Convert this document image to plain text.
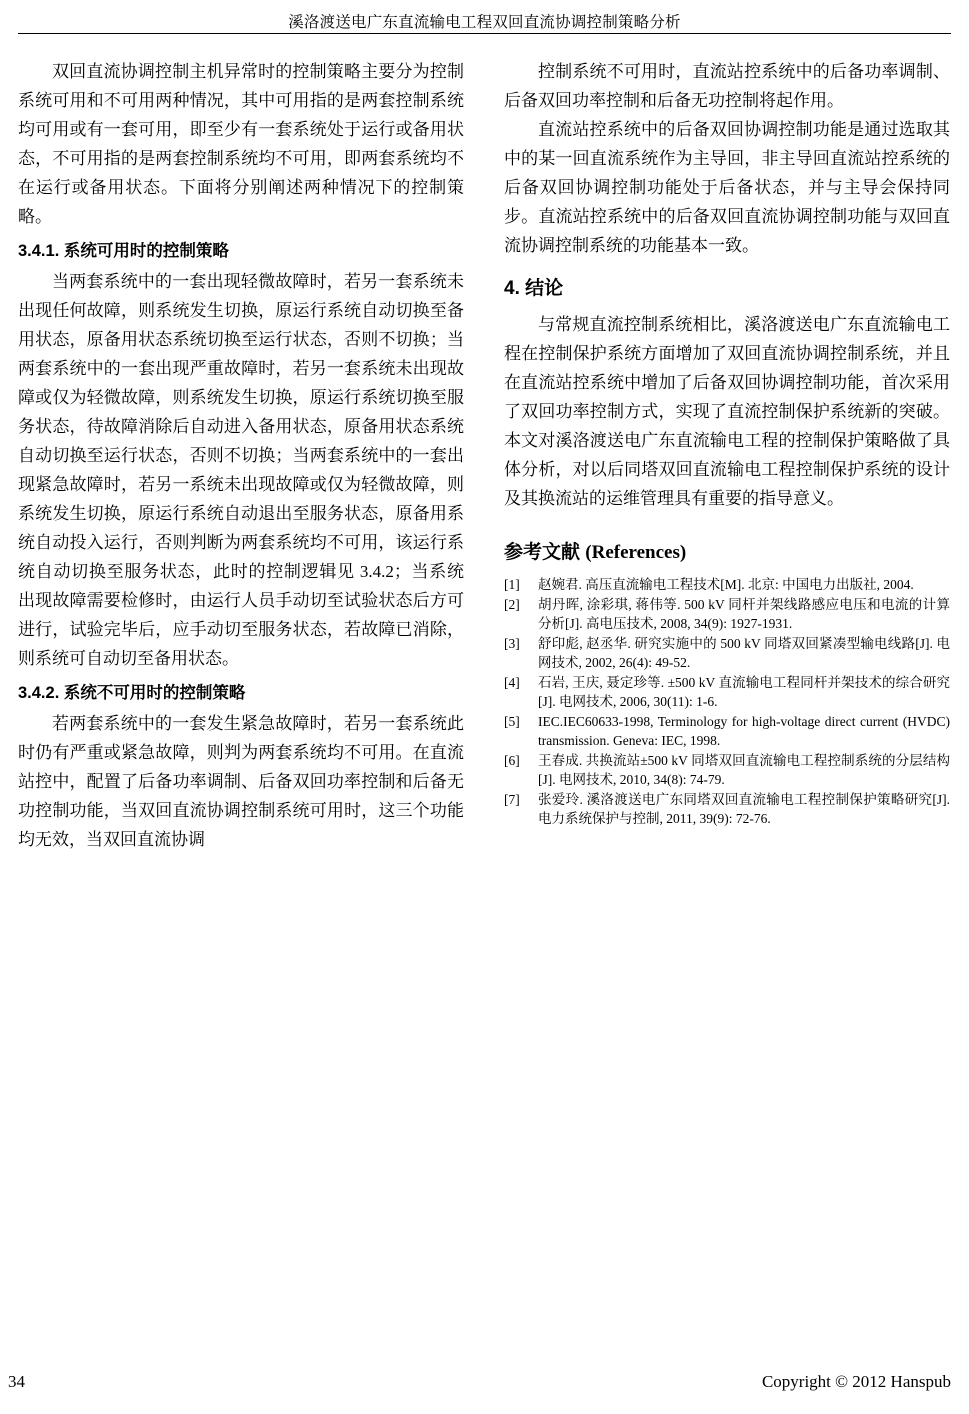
溪洛渡送电广东直流输电工程双回直流协调控制策略分析

双回直流协调控制主机异常时的控制策略主要分为控制系统可用和不可用两种情况，其中可用指的是两套控制系统均可用或有一套可用，即至少有一套系统处于运行或备用状态，不可用指的是两套控制系统均不可用，即两套系统均不在运行或备用状态。下面将分别阐述两种情况下的控制策略。

3.4.1. 系统可用时的控制策略

当两套系统中的一套出现轻微故障时，若另一套系统未出现任何故障，则系统发生切换，原运行系统自动切换至备用状态，原备用状态系统切换至运行状态，否则不切换；当两套系统中的一套出现严重故障时，若另一套系统未出现故障或仅为轻微故障，则系统发生切换，原运行系统切换至服务状态，待故障消除后自动进入备用状态，原备用状态系统自动切换至运行状态，否则不切换；当两套系统中的一套出现紧急故障时，若另一系统未出现故障或仅为轻微故障，则系统发生切换，原运行系统自动退出至服务状态，原备用系统自动投入运行，否则判断为两套系统均不可用，该运行系统自动切换至服务状态，此时的控制逻辑见 3.4.2；当系统出现故障需要检修时，由运行人员手动切至试验状态后方可进行，试验完毕后，应手动切至服务状态，若故障已消除，则系统可自动切至备用状态。

3.4.2. 系统不可用时的控制策略

若两套系统中的一套发生紧急故障时，若另一套系统此时仍有严重或紧急故障，则判为两套系统均不可用。在直流站控中，配置了后备功率调制、后备双回功率控制和后备无功控制功能，当双回直流协调控制系统可用时，这三个功能均无效，当双回直流协调

控制系统不可用时，直流站控系统中的后备功率调制、后备双回功率控制和后备无功控制将起作用。

直流站控系统中的后备双回协调控制功能是通过选取其中的某一回直流系统作为主导回，非主导回直流站控系统的后备双回协调控制功能处于后备状态，并与主导会保持同步。直流站控系统中的后备双回直流协调控制功能与双回直流协调控制系统的功能基本一致。

4. 结论

与常规直流控制系统相比，溪洛渡送电广东直流输电工程在控制保护系统方面增加了双回直流协调控制系统，并且在直流站控系统中增加了后备双回协调控制功能，首次采用了双回功率控制方式，实现了直流控制保护系统新的突破。本文对溪洛渡送电广东直流输电工程的控制保护策略做了具体分析，对以后同塔双回直流输电工程控制保护系统的设计及其换流站的运维管理具有重要的指导意义。

参考文献 (References)
[1]	赵婉君. 高压直流输电工程技术[M]. 北京: 中国电力出版社, 2004.
[2]	胡丹晖, 涂彩琪, 蒋伟等. 500 kV 同杆并架线路感应电压和电流的计算分析[J]. 高电压技术, 2008, 34(9): 1927-1931.
[3]	舒印彪, 赵丞华. 研究实施中的 500 kV 同塔双回紧凑型输电线路[J]. 电网技术, 2002, 26(4): 49-52.
[4]	石岩, 王庆, 聂定珍等. ±500 kV 直流输电工程同杆并架技术的综合研究[J]. 电网技术, 2006, 30(11): 1-6.
[5]	IEC.IEC60633-1998, Terminology for high-voltage direct current (HVDC) transmission. Geneva: IEC, 1998.
[6]	王春成. 共换流站±500 kV 同塔双回直流输电工程控制系统的分层结构[J]. 电网技术, 2010, 34(8): 74-79.
[7]	张爱玲. 溪洛渡送电广东同塔双回直流输电工程控制保护策略研究[J]. 电力系统保护与控制, 2011, 39(9): 72-76.
34	Copyright © 2012 Hanspub
